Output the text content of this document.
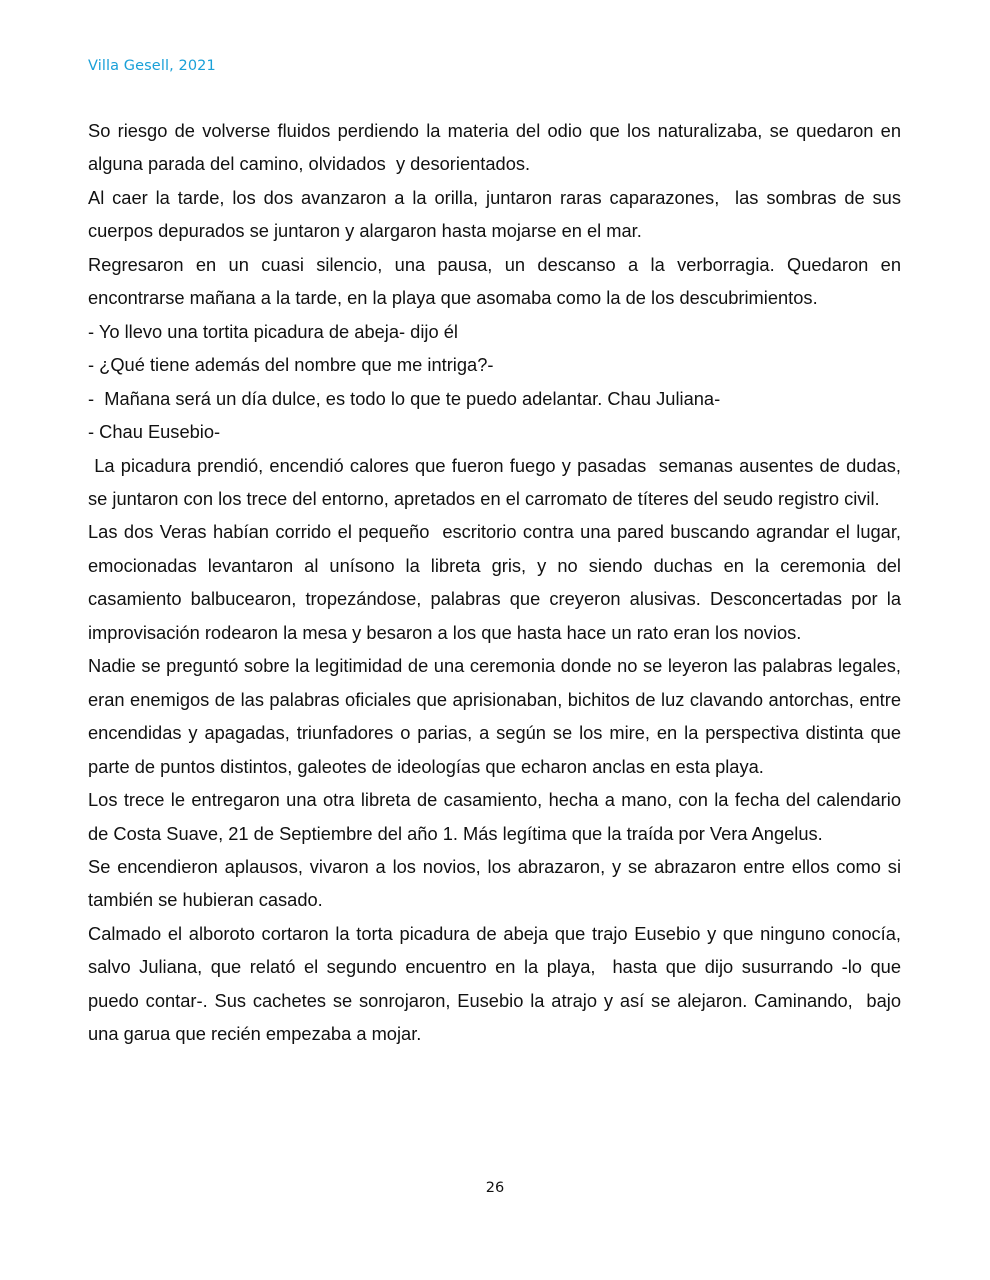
Villa Gesell, 2021

So riesgo de volverse fluidos perdiendo la materia del odio que los naturalizaba, se quedaron en alguna parada del camino, olvidados  y desorientados.

Al caer la tarde, los dos avanzaron a la orilla, juntaron raras caparazones,  las sombras de sus cuerpos depurados se juntaron y alargaron hasta mojarse en el mar.

Regresaron en un cuasi silencio, una pausa, un descanso a la verborragia. Quedaron en encontrarse mañana a la tarde, en la playa que asomaba como la de los descubrimientos.

- Yo llevo una tortita picadura de abeja- dijo él

- ¿Qué tiene además del nombre que me intriga?-

-  Mañana será un día dulce, es todo lo que te puedo adelantar. Chau Juliana-

- Chau Eusebio-

La picadura prendió, encendió calores que fueron fuego y pasadas  semanas ausentes de dudas, se juntaron con los trece del entorno, apretados en el carromato de títeres del seudo registro civil.

Las dos Veras habían corrido el pequeño  escritorio contra una pared buscando agrandar el lugar, emocionadas levantaron al unísono la libreta gris, y no siendo duchas en la ceremonia del casamiento balbucearon, tropezándose, palabras que creyeron alusivas. Desconcertadas por la improvisación rodearon la mesa y besaron a los que hasta hace un rato eran los novios.

Nadie se preguntó sobre la legitimidad de una ceremonia donde no se leyeron las palabras legales,  eran enemigos de las palabras oficiales que aprisionaban, bichitos de luz clavando antorchas, entre encendidas y apagadas, triunfadores o parias, a según se los mire, en la perspectiva distinta que parte de puntos distintos, galeotes de ideologías que echaron anclas en esta playa.

Los trece le entregaron una otra libreta de casamiento, hecha a mano, con la fecha del calendario de Costa Suave, 21 de Septiembre del año 1. Más legítima que la traída por Vera Angelus.

Se encendieron aplausos, vivaron a los novios, los abrazaron, y se abrazaron entre ellos como si también se hubieran casado.

Calmado el alboroto cortaron la torta picadura de abeja que trajo Eusebio y que ninguno conocía, salvo Juliana, que relató el segundo encuentro en la playa,  hasta que dijo susurrando -lo que puedo contar-. Sus cachetes se sonrojaron, Eusebio la atrajo y así se alejaron. Caminando,  bajo una garua que recién empezaba a mojar.

26
